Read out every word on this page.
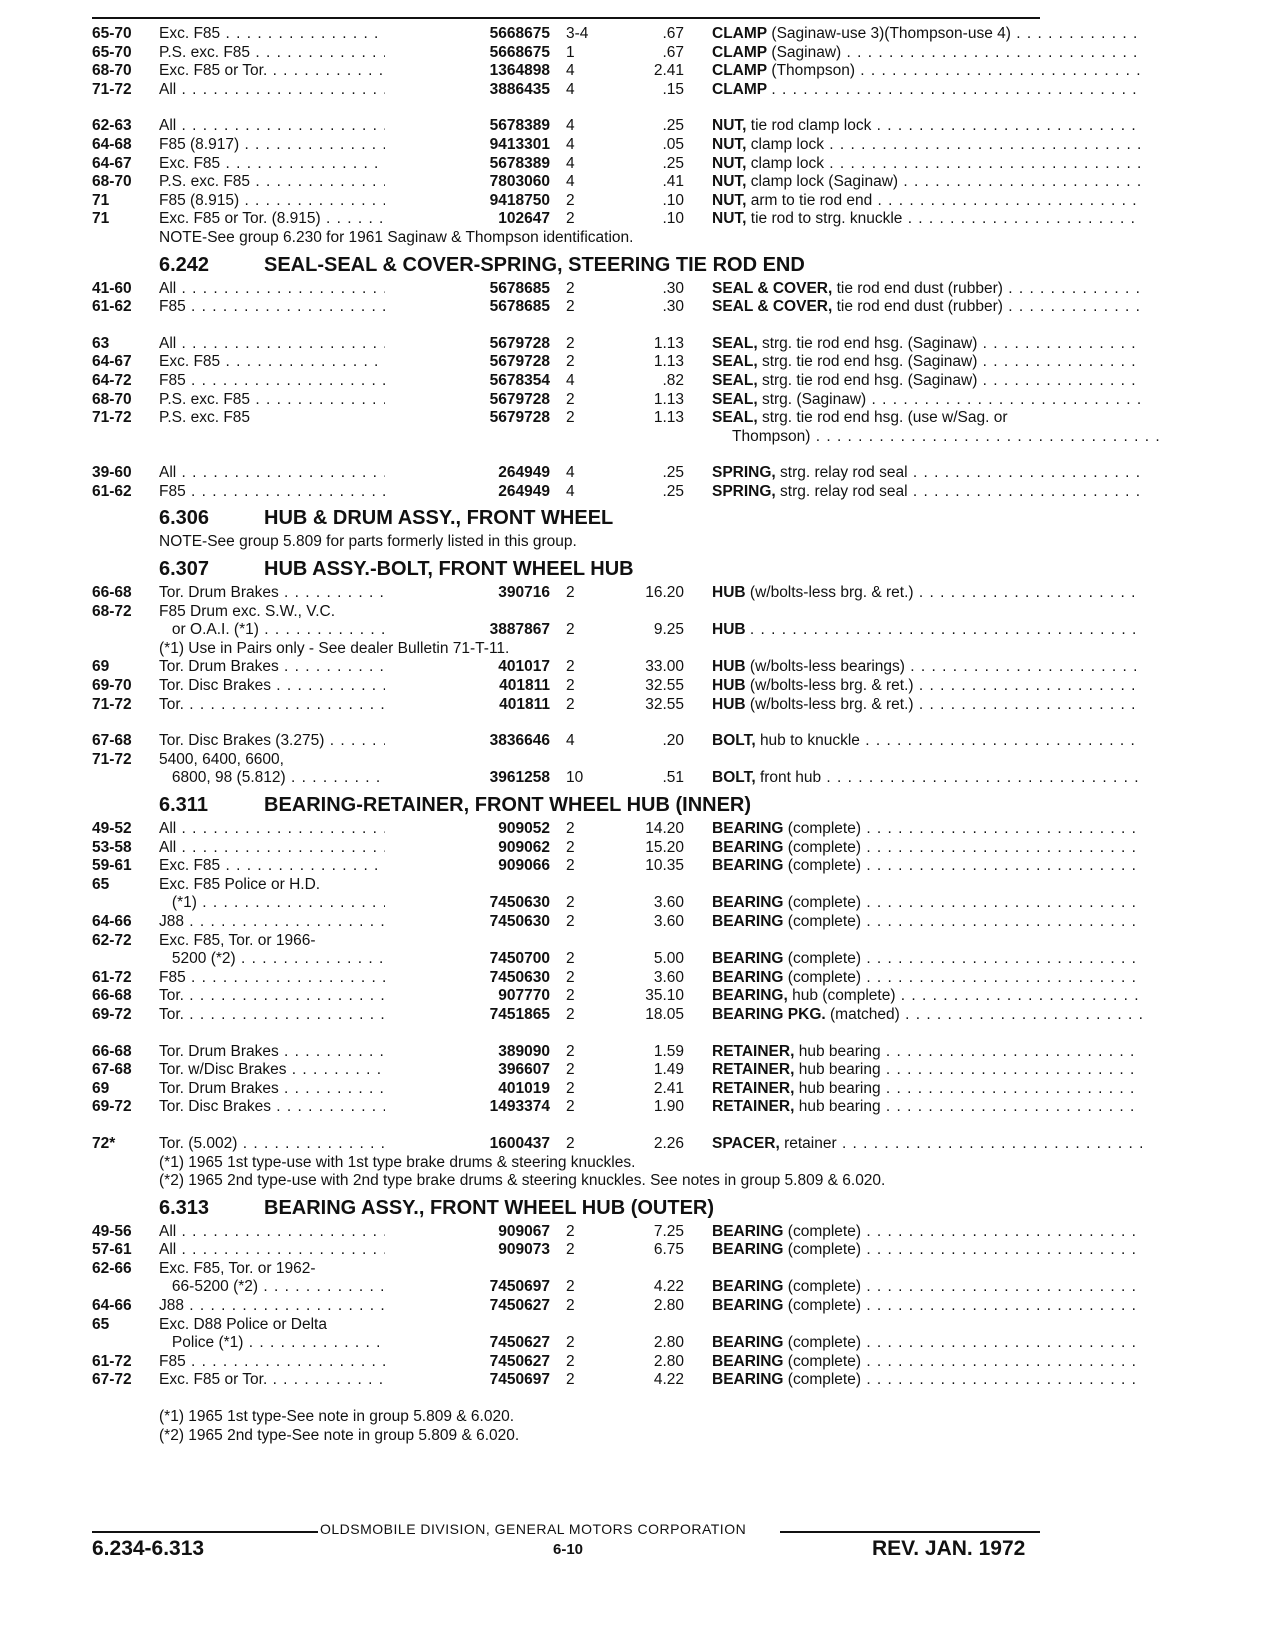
65-70 Exc. F85 . . .	5668675 3-4	.67 CLAMP (Saginaw-use 3)(Thompson-use 4) . . .
65-70 P.S. exc. F85 . . .	5668675 1	.67 CLAMP (Saginaw) . . .
68-70 Exc. F85 or Tor. . . .	1364898 4	2.41 CLAMP (Thompson) . . .
71-72 All . . .	3886435 4	.15 CLAMP . . .
62-63 All . . .	5678389 4	.25 NUT, tie rod clamp lock . . .
64-68 F85 (8.917) . . .	9413301 4	.05 NUT, clamp lock . . .
64-67 Exc. F85 . . .	5678389 4	.25 NUT, clamp lock . . .
68-70 P.S. exc. F85 . . .	7803060 4	.41 NUT, clamp lock (Saginaw) . . .
71	F85 (8.915) . . .	9418750 2	.10 NUT, arm to tie rod end . . .
71	Exc. F85 or Tor. (8.915) . . .	102647 2	.10 NUT, tie rod to strg. knuckle . . .
NOTE-See group 6.230 for 1961 Saginaw & Thompson identification.
6.242	SEAL-SEAL & COVER-SPRING, STEERING TIE ROD END
41-60 All . . .	5678685 2	.30 SEAL & COVER, tie rod end dust (rubber) . . .
61-62 F85 . . .	5678685 2	.30 SEAL & COVER, tie rod end dust (rubber) . . .
63	All . . .	5679728 2	1.13 SEAL, strg. tie rod end hsg. (Saginaw) . . .
64-67 Exc. F85 . . .	5679728 2	1.13 SEAL, strg. tie rod end hsg. (Saginaw) . . .
64-72 F85 . . .	5678354 4	.82 SEAL, strg. tie rod end hsg. (Saginaw) . . .
68-70 P.S. exc. F85 . . .	5679728 2	1.13 SEAL, strg. (Saginaw) . . .
71-72 P.S. exc. F85	5679728 2	1.13 SEAL, strg. tie rod end hsg. (use w/Sag. or
Thompson) . . .
39-60 All . . .	264949 4	.25 SPRING, strg. relay rod seal . . .
61-62 F85 . . .	264949 4	.25 SPRING, strg. relay rod seal . . .
6.306	HUB & DRUM ASSY., FRONT WHEEL
NOTE-See group 5.809 for parts formerly listed in this group.
6.307	HUB ASSY.-BOLT, FRONT WHEEL HUB
66-68 Tor. Drum Brakes . . .	390716 2	16.20 HUB (w/bolts-less brg. & ret.) . . .
68-72 F85 Drum exc. S.W., V.C.
or O.A.I. (*1) . . .	3887867 2	9.25 HUB . . .
(*1) Use in Pairs only - See dealer Bulletin 71-T-11.
69	Tor. Drum Brakes . . .	401017 2	33.00 HUB (w/bolts-less bearings) . . .
69-70 Tor. Disc Brakes . . .	401811 2	32.55 HUB (w/bolts-less brg. & ret.) . . .
71-72 Tor. . . .	401811 2	32.55 HUB (w/bolts-less brg. & ret.) . . .
67-68 Tor. Disc Brakes (3.275) . . .	3836646 4	.20 BOLT, hub to knuckle . . .
71-72 5400, 6400, 6600,
6800, 98 (5.812) . . .	3961258 10	.51 BOLT, front hub . . .
6.311	BEARING-RETAINER, FRONT WHEEL HUB (INNER)
49-52 All . . .	909052 2	14.20 BEARING (complete) . . .
53-58 All . . .	909062 2	15.20 BEARING (complete) . . .
59-61 Exc. F85 . . .	909066 2	10.35 BEARING (complete) . . .
65	Exc. F85 Police or H.D.
(*1) . . .	7450630 2	3.60 BEARING (complete) . . .
64-66 J88 . . .	7450630 2	3.60 BEARING (complete) . . .
62-72 Exc. F85, Tor. or 1966-
5200 (*2) . . .	7450700 2	5.00 BEARING (complete) . . .
61-72 F85 . . .	7450630 2	3.60 BEARING (complete) . . .
66-68 Tor. . . .	907770 2	35.10 BEARING, hub (complete) . . .
69-72 Tor. . . .	7451865 2	18.05 BEARING PKG. (matched) . . .
66-68 Tor. Drum Brakes . . .	389090 2	1.59 RETAINER, hub bearing . . .
67-68 Tor. w/Disc Brakes . . .	396607 2	1.49 RETAINER, hub bearing . . .
69	Tor. Drum Brakes . . .	401019 2	2.41 RETAINER, hub bearing . . .
69-72 Tor. Disc Brakes . . .	1493374 2	1.90 RETAINER, hub bearing . . .
72*	Tor. (5.002) . . .	1600437 2	2.26 SPACER, retainer . . .
(*1) 1965 1st type-use with 1st type brake drums & steering knuckles.
(*2) 1965 2nd type-use with 2nd type brake drums & steering knuckles. See notes in group 5.809 & 6.020.
6.313	BEARING ASSY., FRONT WHEEL HUB (OUTER)
49-56 All . . .	909067 2	7.25 BEARING (complete) . . .
57-61 All . . .	909073 2	6.75 BEARING (complete) . . .
62-66 Exc. F85, Tor. or 1962-
66-5200 (*2) . . .	7450697 2	4.22 BEARING (complete) . . .
64-66 J88 . . .	7450627 2	2.80 BEARING (complete) . . .
65	Exc. D88 Police or Delta
Police (*1) . . .	7450627 2	2.80 BEARING (complete) . . .
61-72 F85 . . .	7450627 2	2.80 BEARING (complete) . . .
67-72 Exc. F85 or Tor. . . .	7450697 2	4.22 BEARING (complete) . . .
(*1) 1965 1st type-See note in group 5.809 & 6.020.
(*2) 1965 2nd type-See note in group 5.809 & 6.020.
OLDSMOBILE DIVISION, GENERAL MOTORS CORPORATION
6.234-6.313	6-10	REV. JAN. 1972
